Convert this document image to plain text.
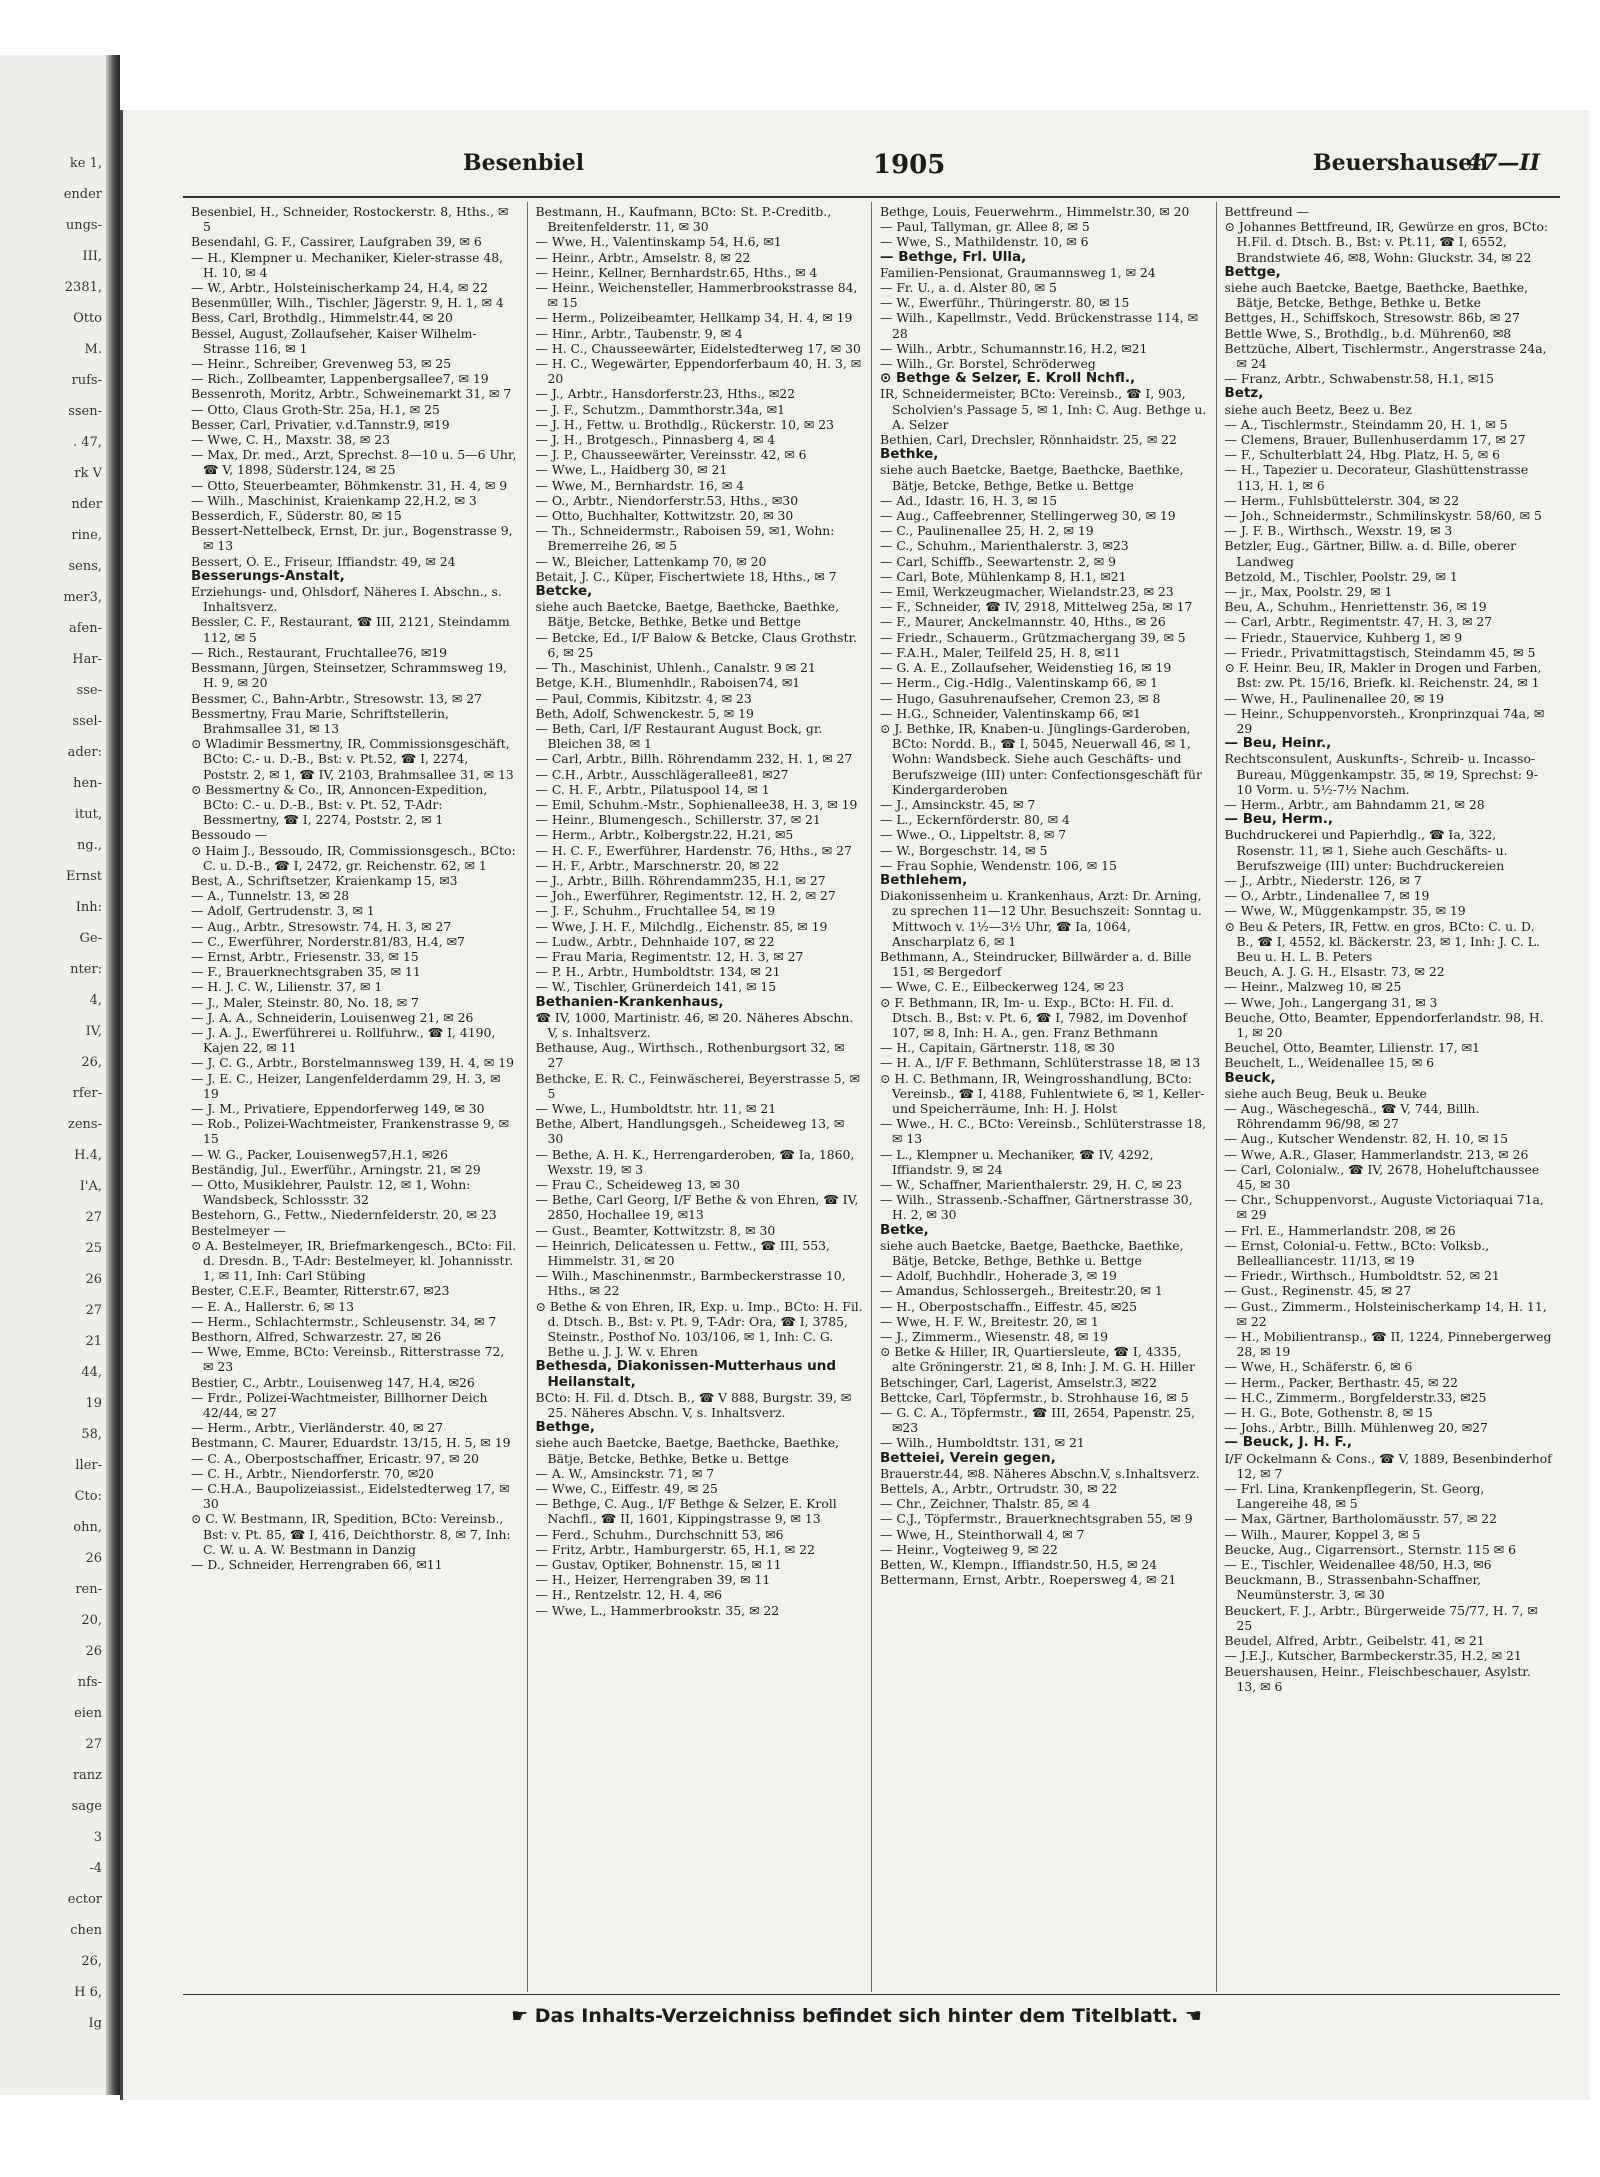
ke 1,
ender
ungs-
III,
2381,
Otto
M.
rufs-
ssen-
. 47,
rk V
nder
rine,
sens,
mer3,
afen-
Har-
sse-
ssel-
ader:
hen-
itut,
ng.,
Ernst
Inh:
Ge-
nter:
4,
IV,
26,
rfer-
zens-
H.4,
I'A,
27
25
26
27
21
44,
19
58,
ller-
Cto:
ohn,
26
ren-
20,
26
nfs-
eien
27
ranz
sage
3
-4
ector
chen
26,
H 6,
Ig
Besenbiel	1905	Beuershausen
47—II

Besenbiel, H., Schneider, Rostockerstr. 8, Hths., ✉ 5

Besendahl, G. F., Cassirer, Laufgraben 39, ✉ 6

— H., Klempner u. Mechaniker, Kieler-strasse 48, H. 10, ✉ 4

— W., Arbtr., Holsteinischerkamp 24, H.4, ✉ 22

Besenmüller, Wilh., Tischler, Jägerstr. 9, H. 1, ✉ 4

Bess, Carl, Brothdlg., Himmelstr.44, ✉ 20

Bessel, August, Zollaufseher, Kaiser Wilhelm-Strasse 116, ✉ 1

— Heinr., Schreiber, Grevenweg 53, ✉ 25

— Rich., Zollbeamter, Lappenbergsallee7, ✉ 19

Bessenroth, Moritz, Arbtr., Schweinemarkt 31, ✉ 7

— Otto, Claus Groth-Str. 25a, H.1, ✉ 25

Besser, Carl, Privatier, v.d.Tannstr.9, ✉19

— Wwe, C. H., Maxstr. 38, ✉ 23

— Max, Dr. med., Arzt, Sprechst. 8—10 u. 5—6 Uhr, ☎ V, 1898, Süderstr.124, ✉ 25

— Otto, Steuerbeamter, Böhmkenstr. 31, H. 4, ✉ 9

— Wilh., Maschinist, Kraienkamp 22,H.2, ✉ 3

Besserdich, F., Süderstr. 80, ✉ 15

Bessert-Nettelbeck, Ernst, Dr. jur., Bogenstrasse 9, ✉ 13

Bessert, O. E., Friseur, Iffiandstr. 49, ✉ 24

Besserungs-Anstalt,

Erziehungs- und, Ohlsdorf, Näheres I. Abschn., s. Inhaltsverz.

Bessler, C. F., Restaurant, ☎ III, 2121, Steindamm 112, ✉ 5

— Rich., Restaurant, Fruchtallee76, ✉19

Bessmann, Jürgen, Steinsetzer, Schrammsweg 19, H. 9, ✉ 20

Bessmer, C., Bahn-Arbtr., Stresowstr. 13, ✉ 27

Bessmertny, Frau Marie, Schriftstellerin, Brahmsallee 31, ✉ 13

⊙ Wladimir Bessmertny, IR, Commissionsgeschäft, BCto: C.- u. D.-B., Bst: v. Pt.52, ☎ I, 2274, Poststr. 2, ✉ 1, ☎ IV, 2103, Brahmsallee 31, ✉ 13

⊙ Bessmertny & Co., IR, Annoncen-Expedition, BCto: C.- u. D.-B., Bst: v. Pt. 52, T-Adr: Bessmertny, ☎ I, 2274, Poststr. 2, ✉ 1

Bessoudo —

⊙ Haim J., Bessoudo, IR, Commissionsgesch., BCto: C. u. D.-B., ☎ I, 2472, gr. Reichenstr. 62, ✉ 1

Best, A., Schriftsetzer, Kraienkamp 15, ✉3

— A., Tunnelstr. 13, ✉ 28

— Adolf, Gertrudenstr. 3, ✉ 1

— Aug., Arbtr., Stresowstr. 74, H. 3, ✉ 27

— C., Ewerführer, Norderstr.81/83, H.4, ✉7

— Ernst, Arbtr., Friesenstr. 33, ✉ 15

— F., Brauerknechtsgraben 35, ✉ 11

— H. J. C. W., Lilienstr. 37, ✉ 1

— J., Maler, Steinstr. 80, No. 18, ✉ 7

— J. A. A., Schneiderin, Louisenweg 21, ✉ 26

— J. A. J., Ewerführerei u. Rollfuhrw., ☎ I, 4190, Kajen 22, ✉ 11

— J. C. G., Arbtr., Borstelmannsweg 139, H. 4, ✉ 19

— J. E. C., Heizer, Langenfelderdamm 29, H. 3, ✉ 19

— J. M., Privatiere, Eppendorferweg 149, ✉ 30

— Rob., Polizei-Wachtmeister, Frankenstrasse 9, ✉ 15

— W. G., Packer, Louisenweg57,H.1, ✉26

Beständig, Jul., Ewerführ., Arningstr. 21, ✉ 29

— Otto, Musiklehrer, Paulstr. 12, ✉ 1, Wohn: Wandsbeck, Schlossstr. 32

Bestehorn, G., Fettw., Niedernfelderstr. 20, ✉ 23

Bestelmeyer —

⊙ A. Bestelmeyer, IR, Briefmarkengesch., BCto: Fil. d. Dresdn. B., T-Adr: Bestelmeyer, kl. Johannisstr. 1, ✉ 11, Inh: Carl Stübing

Bester, C.E.F., Beamter, Ritterstr.67, ✉23

— E. A., Hallerstr. 6, ✉ 13

— Herm., Schlachtermstr., Schleusenstr. 34, ✉ 7

Besthorn, Alfred, Schwarzestr. 27, ✉ 26

— Wwe, Emme, BCto: Vereinsb., Ritterstrasse 72, ✉ 23

Bestier, C., Arbtr., Louisenweg 147, H.4, ✉26

— Frdr., Polizei-Wachtmeister, Billhorner Deich 42/44, ✉ 27

— Herm., Arbtr., Vierländerstr. 40, ✉ 27

Bestmann, C. Maurer, Eduardstr. 13/15, H. 5, ✉ 19

— C. A., Oberpostschaffner, Ericastr. 97, ✉ 20

— C. H., Arbtr., Niendorferstr. 70, ✉20

— C.H.A., Baupolizeiassist., Eidelstedterweg 17, ✉ 30

⊙ C. W. Bestmann, IR, Spedition, BCto: Vereinsb., Bst: v. Pt. 85, ☎ I, 416, Deichthorstr. 8, ✉ 7, Inh: C. W. u. A. W. Bestmann in Danzig

— D., Schneider, Herrengraben 66, ✉11

Bestmann, H., Kaufmann, BCto: St. P.-Creditb., Breitenfelderstr. 11, ✉ 30

— Wwe, H., Valentinskamp 54, H.6, ✉1

— Heinr., Arbtr., Amselstr. 8, ✉ 22

— Heinr., Kellner, Bernhardstr.65, Hths., ✉ 4

— Heinr., Weichensteller, Hammerbrookstrasse 84, ✉ 15

— Herm., Polizeibeamter, Hellkamp 34, H. 4, ✉ 19

— Hinr., Arbtr., Taubenstr. 9, ✉ 4

— H. C., Chausseewärter, Eidelstedterweg 17, ✉ 30

— H. C., Wegewärter, Eppendorferbaum 40, H. 3, ✉ 20

— J., Arbtr., Hansdorferstr.23, Hths., ✉22

— J. F., Schutzm., Dammthorstr.34a, ✉1

— J. H., Fettw. u. Brothdlg., Rückerstr. 10, ✉ 23

— J. H., Brotgesch., Pinnasberg 4, ✉ 4

— J. P., Chausseewärter, Vereinsstr. 42, ✉ 6

— Wwe, L., Haidberg 30, ✉ 21

— Wwe, M., Bernhardstr. 16, ✉ 4

— O., Arbtr., Niendorferstr.53, Hths., ✉30

— Otto, Buchhalter, Kottwitzstr. 20, ✉ 30

— Th., Schneidermstr., Raboisen 59, ✉1, Wohn: Bremerreihe 26, ✉ 5

— W., Bleicher, Lattenkamp 70, ✉ 20

Betait, J. C., Küper, Fischertwiete 18, Hths., ✉ 7

Betcke,

siehe auch Baetcke, Baetge, Baethcke, Baethke, Bätje, Betcke, Bethke, Betke und Bettge

— Betcke, Ed., I/F Balow & Betcke, Claus Grothstr. 6, ✉ 25

— Th., Maschinist, Uhlenh., Canalstr. 9 ✉ 21

Betge, K.H., Blumenhdlr., Raboisen74, ✉1

— Paul, Commis, Kibitzstr. 4, ✉ 23

Beth, Adolf, Schwenckestr. 5, ✉ 19

— Beth, Carl, I/F Restaurant August Bock, gr. Bleichen 38, ✉ 1

— Carl, Arbtr., Billh. Röhrendamm 232, H. 1, ✉ 27

— C.H., Arbtr., Ausschlägerallee81, ✉27

— C. H. F., Arbtr., Pilatuspool 14, ✉ 1

— Emil, Schuhm.-Mstr., Sophienallee38, H. 3, ✉ 19

— Heinr., Blumengesch., Schillerstr. 37, ✉ 21

— Herm., Arbtr., Kolbergstr.22, H.21, ✉5

— H. C. F., Ewerführer, Hardenstr. 76, Hths., ✉ 27

— H. F., Arbtr., Marschnerstr. 20, ✉ 22

— J., Arbtr., Billh. Röhrendamm235, H.1, ✉ 27

— Joh., Ewerführer, Regimentstr. 12, H. 2, ✉ 27

— J. F., Schuhm., Fruchtallee 54, ✉ 19

— Wwe, J. H. F., Milchdlg., Eichenstr. 85, ✉ 19

— Ludw., Arbtr., Dehnhaide 107, ✉ 22

— Frau Maria, Regimentstr. 12, H. 3, ✉ 27

— P. H., Arbtr., Humboldtstr. 134, ✉ 21

— W., Tischler, Grünerdeich 141, ✉ 15

Bethanien-Krankenhaus,

☎ IV, 1000, Martinistr. 46, ✉ 20. Näheres Abschn. V, s. Inhaltsverz.

Bethause, Aug., Wirthsch., Rothenburgsort 32, ✉ 27

Bethcke, E. R. C., Feinwäscherei, Beyerstrasse 5, ✉ 5

— Wwe, L., Humboldtstr. htr. 11, ✉ 21

Bethe, Albert, Handlungsgeh., Scheideweg 13, ✉ 30

— Bethe, A. H. K., Herrengarderoben, ☎ Ia, 1860, Wexstr. 19, ✉ 3

— Frau C., Scheideweg 13, ✉ 30

— Bethe, Carl Georg, I/F Bethe & von Ehren, ☎ IV, 2850, Hochallee 19, ✉13

— Gust., Beamter, Kottwitzstr. 8, ✉ 30

— Heinrich, Delicatessen u. Fettw., ☎ III, 553, Himmelstr. 31, ✉ 20

— Wilh., Maschinenmstr., Barmbeckerstrasse 10, Hths., ✉ 22

⊙ Bethe & von Ehren, IR, Exp. u. Imp., BCto: H. Fil. d. Dtsch. B., Bst: v. Pt. 9, T-Adr: Ora, ☎ I, 3785, Steinstr., Posthof No. 103/106, ✉ 1, Inh: C. G. Bethe u. J. J. W. v. Ehren

Bethesda, Diakonissen-Mutterhaus und Heilanstalt,

BCto: H. Fil. d. Dtsch. B., ☎ V 888, Burgstr. 39, ✉ 25. Näheres Abschn. V, s. Inhaltsverz.

Bethge,

siehe auch Baetcke, Baetge, Baethcke, Baethke, Bätje, Betcke, Bethke, Betke u. Bettge

— A. W., Amsinckstr. 71, ✉ 7

— Wwe, C., Eiffestr. 49, ✉ 25

— Bethge, C. Aug., I/F Bethge & Selzer, E. Kroll Nachfl., ☎ II, 1601, Kippingstrasse 9, ✉ 13

— Ferd., Schuhm., Durchschnitt 53, ✉6

— Fritz, Arbtr., Hamburgerstr. 65, H.1, ✉ 22

— Gustav, Optiker, Bohnenstr. 15, ✉ 11

— H., Heizer, Herrengraben 39, ✉ 11

— H., Rentzelstr. 12, H. 4, ✉6

— Wwe, L., Hammerbrookstr. 35, ✉ 22

Bethge, Louis, Feuerwehrm., Himmelstr.30, ✉ 20

— Paul, Tallyman, gr. Allee 8, ✉ 5

— Wwe, S., Mathildenstr. 10, ✉ 6

— Bethge, Frl. Ulla,

Familien-Pensionat, Graumannsweg 1, ✉ 24

— Fr. U., a. d. Alster 80, ✉ 5

— W., Ewerführ., Thüringerstr. 80, ✉ 15

— Wilh., Kapellmstr., Vedd. Brückenstrasse 114, ✉ 28

— Wilh., Arbtr., Schumannstr.16, H.2, ✉21

— Wilh., Gr. Borstel, Schröderweg

⊙ Bethge & Selzer, E. Kroll Nchfl.,

IR, Schneidermeister, BCto: Vereinsb., ☎ I, 903, Scholvien's Passage 5, ✉ 1, Inh: C. Aug. Bethge u. A. Selzer

Bethien, Carl, Drechsler, Rönnhaidstr. 25, ✉ 22

Bethke,

siehe auch Baetcke, Baetge, Baethcke, Baethke, Bätje, Betcke, Bethge, Betke u. Bettge

— Ad., Idastr. 16, H. 3, ✉ 15

— Aug., Caffeebrenner, Stellingerweg 30, ✉ 19

— C., Paulinenallee 25, H. 2, ✉ 19

— C., Schuhm., Marienthalerstr. 3, ✉23

— Carl, Schiffb., Seewartenstr. 2, ✉ 9

— Carl, Bote, Mühlenkamp 8, H.1, ✉21

— Emil, Werkzeugmacher, Wielandstr.23, ✉ 23

— F., Schneider, ☎ IV, 2918, Mittelweg 25a, ✉ 17

— F., Maurer, Anckelmannstr. 40, Hths., ✉ 26

— Friedr., Schauerm., Grützmachergang 39, ✉ 5

— F.A.H., Maler, Teilfeld 25, H. 8, ✉11

— G. A. E., Zollaufseher, Weidenstieg 16, ✉ 19

— Herm., Cig.-Hdlg., Valentinskamp 66, ✉ 1

— Hugo, Gasuhrenaufseher, Cremon 23, ✉ 8

— H.G., Schneider, Valentinskamp 66, ✉1

⊙ J. Bethke, IR, Knaben-u. Jünglings-Garderoben, BCto: Nordd. B., ☎ I, 5045, Neuerwall 46, ✉ 1, Wohn: Wandsbeck. Siehe auch Geschäfts- und Berufszweige (III) unter: Confectionsgeschäft für Kindergarderoben

— J., Amsinckstr. 45, ✉ 7

— L., Eckernförderstr. 80, ✉ 4

— Wwe., O., Lippeltstr. 8, ✉ 7

— W., Borgeschstr. 14, ✉ 5

— Frau Sophie, Wendenstr. 106, ✉ 15

Bethlehem,

Diakonissenheim u. Krankenhaus, Arzt: Dr. Arning, zu sprechen 11—12 Uhr. Besuchszeit: Sonntag u. Mittwoch v. 1½—3½ Uhr, ☎ Ia, 1064, Anscharplatz 6, ✉ 1

Bethmann, A., Steindrucker, Billwärder a. d. Bille 151, ✉ Bergedorf

— Wwe, C. E., Eilbeckerweg 124, ✉ 23

⊙ F. Bethmann, IR, Im- u. Exp., BCto: H. Fil. d. Dtsch. B., Bst: v. Pt. 6, ☎ I, 7982, im Dovenhof 107, ✉ 8, Inh: H. A., gen. Franz Bethmann

— H., Capitain, Gärtnerstr. 118, ✉ 30

— H. A., I/F F. Bethmann, Schlüterstrasse 18, ✉ 13

⊙ H. C. Bethmann, IR, Weingrosshandlung, BCto: Vereinsb., ☎ I, 4188, Fuhlentwiete 6, ✉ 1, Keller- und Speicherräume, Inh: H. J. Holst

— Wwe., H. C., BCto: Vereinsb., Schlüterstrasse 18, ✉ 13

— L., Klempner u. Mechaniker, ☎ IV, 4292, Iffiandstr. 9, ✉ 24

— W., Schaffner, Marienthalerstr. 29, H. C, ✉ 23

— Wilh., Strassenb.-Schaffner, Gärtnerstrasse 30, H. 2, ✉ 30

Betke,

siehe auch Baetcke, Baetge, Baethcke, Baethke, Bätje, Betcke, Bethge, Bethke u. Bettge

— Adolf, Buchhdlr., Hoherade 3, ✉ 19

— Amandus, Schlossergeh., Breitestr.20, ✉ 1

— H., Oberpostschaffn., Eiffestr. 45, ✉25

— Wwe, H. F. W., Breitestr. 20, ✉ 1

— J., Zimmerm., Wiesenstr. 48, ✉ 19

⊙ Betke & Hiller, IR, Quartiersleute, ☎ I, 4335, alte Gröningerstr. 21, ✉ 8, Inh: J. M. G. H. Hiller

Betschinger, Carl, Lagerist, Amselstr.3, ✉22

Bettcke, Carl, Töpfermstr., b. Strohhause 16, ✉ 5

— G. C. A., Töpfermstr., ☎ III, 2654, Papenstr. 25, ✉23

— Wilh., Humboldtstr. 131, ✉ 21

Betteiei, Verein gegen,

Brauerstr.44, ✉8. Näheres Abschn.V, s.Inhaltsverz.

Bettels, A., Arbtr., Ortrudstr. 30, ✉ 22

— Chr., Zeichner, Thalstr. 85, ✉ 4

— C.J., Töpfermstr., Brauerknechtsgraben 55, ✉ 9

— Wwe, H., Steinthorwall 4, ✉ 7

— Heinr., Vogteiweg 9, ✉ 22

Betten, W., Klempn., Iffiandstr.50, H.5, ✉ 24

Bettermann, Ernst, Arbtr., Roepersweg 4, ✉ 21

Bettfreund —

⊙ Johannes Bettfreund, IR, Gewürze en gros, BCto: H.Fil. d. Dtsch. B., Bst: v. Pt.11, ☎ I, 6552, Brandstwiete 46, ✉8, Wohn: Gluckstr. 34, ✉ 22

Bettge,

siehe auch Baetcke, Baetge, Baethcke, Baethke, Bätje, Betcke, Bethge, Bethke u. Betke

Bettges, H., Schiffskoch, Stresowstr. 86b, ✉ 27

Bettle Wwe, S., Brothdlg., b.d. Mühren60, ✉8

Bettzüche, Albert, Tischlermstr., Angerstrasse 24a, ✉ 24

— Franz, Arbtr., Schwabenstr.58, H.1, ✉15

Betz,

siehe auch Beetz, Beez u. Bez

— A., Tischlermstr., Steindamm 20, H. 1, ✉ 5

— Clemens, Brauer, Bullenhuserdamm 17, ✉ 27

— F., Schulterblatt 24, Hbg. Platz, H. 5, ✉ 6

— H., Tapezier u. Decorateur, Glashüttenstrasse 113, H. 1, ✉ 6

— Herm., Fuhlsbüttelerstr. 304, ✉ 22

— Joh., Schneidermstr., Schmilinskystr. 58/60, ✉ 5

— J. F. B., Wirthsch., Wexstr. 19, ✉ 3

Betzler, Eug., Gärtner, Billw. a. d. Bille, oberer Landweg

Betzold, M., Tischler, Poolstr. 29, ✉ 1

— jr., Max, Poolstr. 29, ✉ 1

Beu, A., Schuhm., Henriettenstr. 36, ✉ 19

— Carl, Arbtr., Regimentstr. 47, H. 3, ✉ 27

— Friedr., Stauervice, Kuhberg 1, ✉ 9

— Friedr., Privatmittagstisch, Steindamm 45, ✉ 5

⊙ F. Heinr. Beu, IR, Makler in Drogen und Farben, Bst: zw. Pt. 15/16, Briefk. kl. Reichenstr. 24, ✉ 1

— Wwe, H., Paulinenallee 20, ✉ 19

— Heinr., Schuppenvorsteh., Kronprinzquai 74a, ✉ 29

— Beu, Heinr.,

Rechtsconsulent, Auskunfts-, Schreib- u. Incasso-Bureau, Müggenkampstr. 35, ✉ 19, Sprechst: 9-10 Vorm. u. 5½-7½ Nachm.

— Herm., Arbtr., am Bahndamm 21, ✉ 28

— Beu, Herm.,

Buchdruckerei und Papierhdlg., ☎ Ia, 322, Rosenstr. 11, ✉ 1, Siehe auch Geschäfts- u. Berufszweige (III) unter: Buchdruckereien

— J., Arbtr., Niederstr. 126, ✉ 7

— O., Arbtr., Lindenallee 7, ✉ 19

— Wwe, W., Müggenkampstr. 35, ✉ 19

⊙ Beu & Peters, IR, Fettw. en gros, BCto: C. u. D. B., ☎ I, 4552, kl. Bäckerstr. 23, ✉ 1, Inh: J. C. L. Beu u. H. L. B. Peters

Beuch, A. J. G. H., Elsastr. 73, ✉ 22

— Heinr., Malzweg 10, ✉ 25

— Wwe, Joh., Langergang 31, ✉ 3

Beuche, Otto, Beamter, Eppendorferlandstr. 98, H. 1, ✉ 20

Beuchel, Otto, Beamter, Lilienstr. 17, ✉1

Beuchelt, L., Weidenallee 15, ✉ 6

Beuck,

siehe auch Beug, Beuk u. Beuke

— Aug., Wäschegeschä., ☎ V, 744, Billh. Röhrendamm 96/98, ✉ 27

— Aug., Kutscher Wendenstr. 82, H. 10, ✉ 15

— Wwe, A.R., Glaser, Hammerlandstr. 213, ✉ 26

— Carl, Colonialw., ☎ IV, 2678, Hoheluftchaussee 45, ✉ 30

— Chr., Schuppenvorst., Auguste Victoriaquai 71a, ✉ 29

— Frl. E., Hammerlandstr. 208, ✉ 26

— Ernst, Colonial-u. Fettw., BCto: Volksb., Bellealliancestr. 11/13, ✉ 19

— Friedr., Wirthsch., Humboldtstr. 52, ✉ 21

— Gust., Reginenstr. 45, ✉ 27

— Gust., Zimmerm., Holsteinischerkamp 14, H. 11, ✉ 22

— H., Mobilientransp., ☎ II, 1224, Pinnebergerweg 28, ✉ 19

— Wwe, H., Schäferstr. 6, ✉ 6

— Herm., Packer, Berthastr. 45, ✉ 22

— H.C., Zimmerm., Borgfelderstr.33, ✉25

— H. G., Bote, Gothenstr. 8, ✉ 15

— Johs., Arbtr., Billh. Mühlenweg 20, ✉27

— Beuck, J. H. F.,

I/F Ockelmann & Cons., ☎ V, 1889, Besenbinderhof 12, ✉ 7

— Frl. Lina, Krankenpflegerin, St. Georg, Langereihe 48, ✉ 5

— Max, Gärtner, Bartholomäusstr. 57, ✉ 22

— Wilh., Maurer, Koppel 3, ✉ 5

Beucke, Aug., Cigarrensort., Sternstr. 115 ✉ 6

— E., Tischler, Weidenallee 48/50, H.3, ✉6

Beuckmann, B., Strassenbahn-Schaffner, Neumünsterstr. 3, ✉ 30

Beuckert, F. J., Arbtr., Bürgerweide 75/77, H. 7, ✉ 25

Beudel, Alfred, Arbtr., Geibelstr. 41, ✉ 21

— J.E.J., Kutscher, Barmbeckerstr.35, H.2, ✉ 21

Beuershausen, Heinr., Fleischbeschauer, Asylstr. 13, ✉ 6

☛ Das Inhalts-Verzeichniss befindet sich hinter dem Titelblatt. ☚
